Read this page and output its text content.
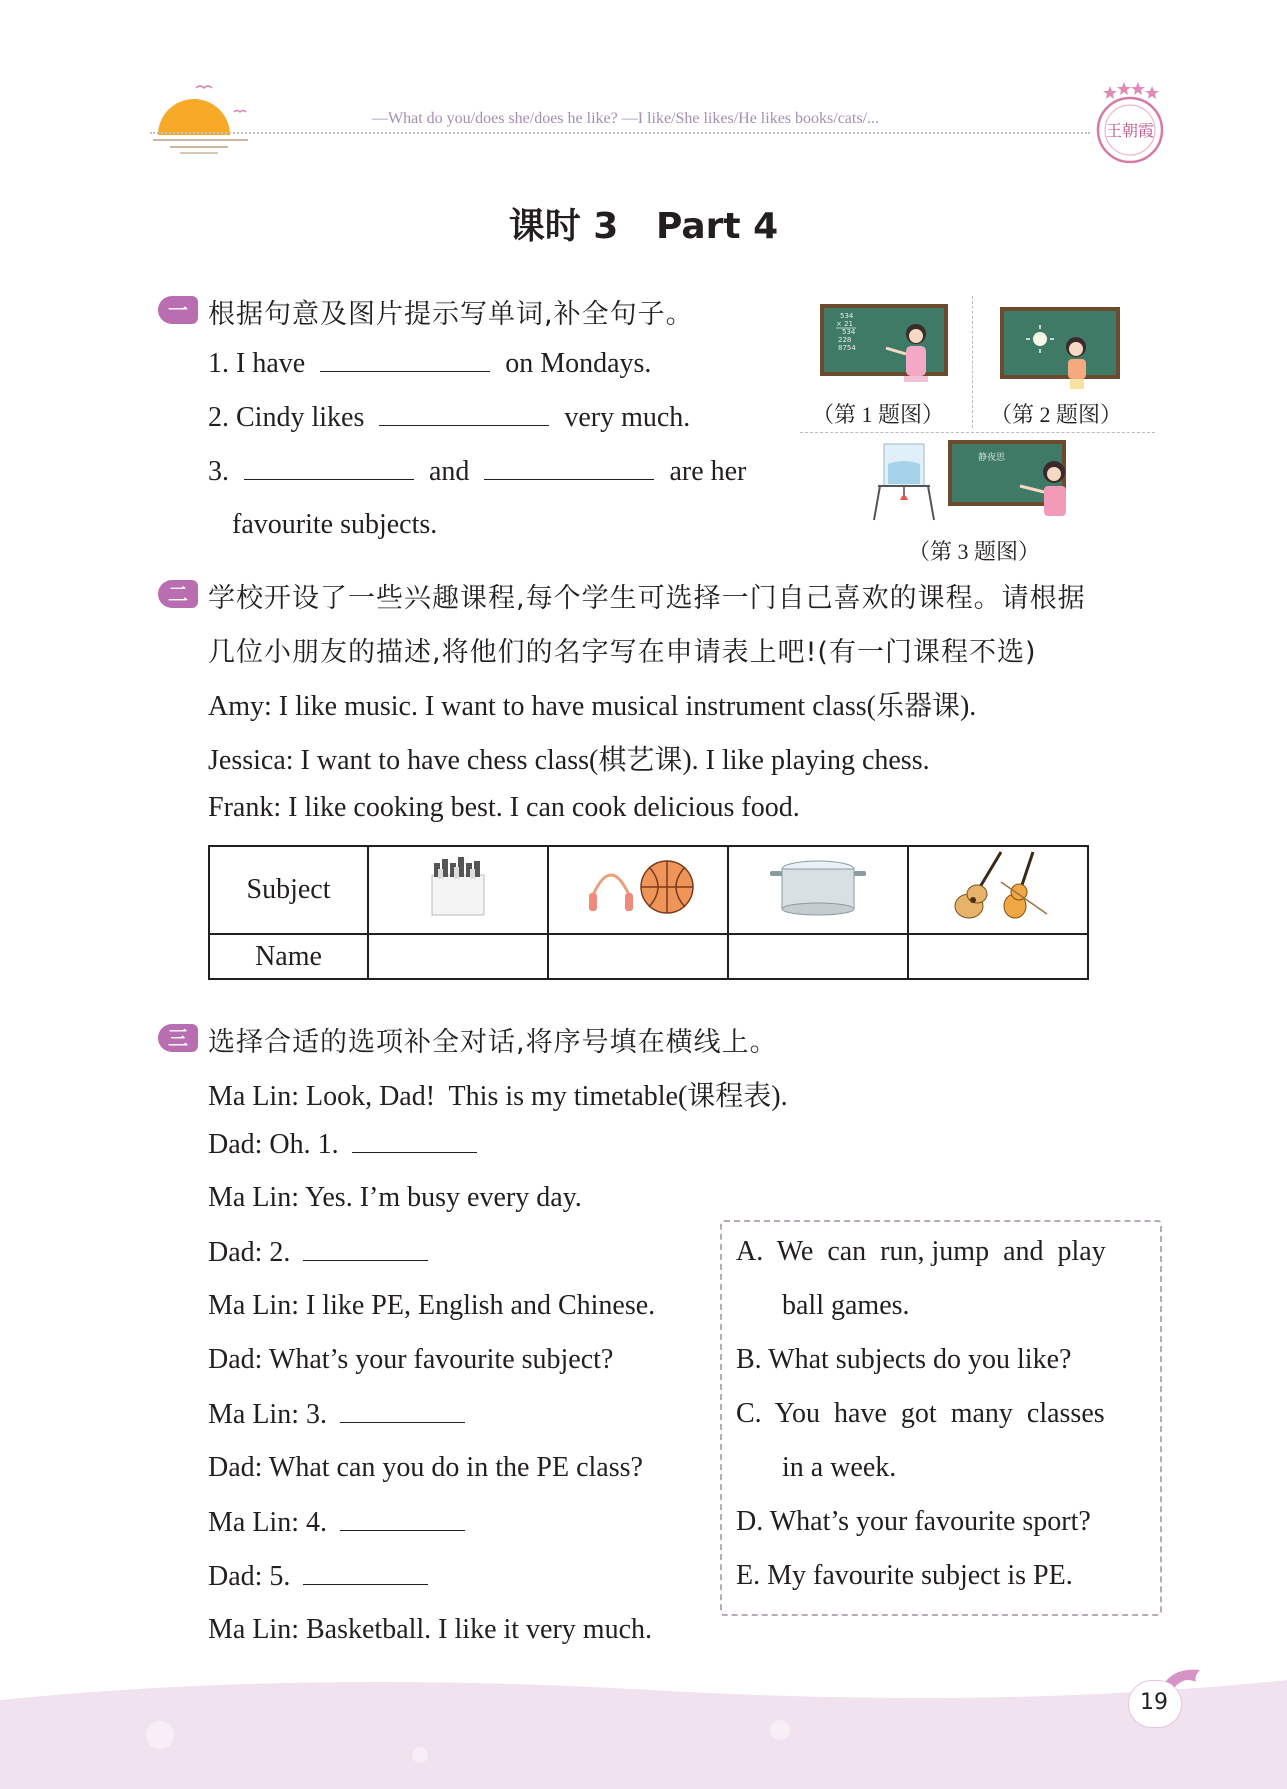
—What do you/does she/does he like? —I like/She likes/He likes books/cats/...
王朝霞
课时 3   Part 4
一 根据句意及图片提示写单词,补全句子。
1. I have	on Mondays.
2. Cindy likes	very much.
3.	and	are her
favourite subjects.
534
× 21
534
228
8754
（第 1 题图） （第 2 题图）
静夜思
（第 3 题图）
二 学校开设了一些兴趣课程,每个学生可选择一门自己喜欢的课程。请根据
几位小朋友的描述,将他们的名字写在申请表上吧!(有一门课程不选)
Amy: I like music. I want to have musical instrument class(乐器课).
Jessica: I want to have chess class(棋艺课). I like playing chess.
Frank: I like cooking best. I can cook delicious food.
Subject				
Name				
三 选择合适的选项补全对话,将序号填在横线上。
Ma Lin: Look, Dad!  This is my timetable(课程表).
Dad: Oh. 1.
Ma Lin: Yes. I’m busy every day.
Dad: 2.
Ma Lin: I like PE, English and Chinese.
Dad: What’s your favourite subject?
Ma Lin: 3.
Dad: What can you do in the PE class?
Ma Lin: 4.
Dad: 5.
Ma Lin: Basketball. I like it very much.
A.  We  can  run, jump  and  play
ball games.
B. What subjects do you like?
C.  You  have  got  many  classes
in a week.
D. What’s your favourite sport?
E. My favourite subject is PE.
19
